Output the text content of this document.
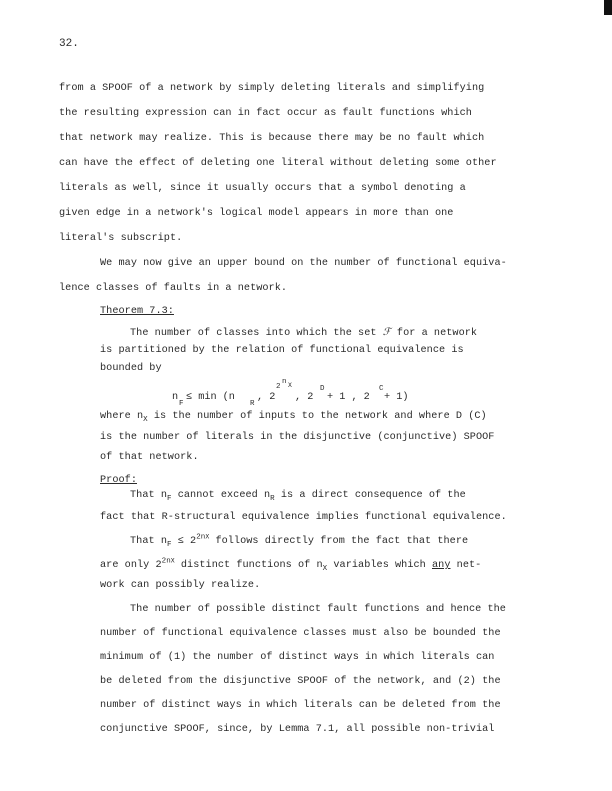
32.
from a SPOOF of a network by simply deleting literals and simplifying
the resulting expression can in fact occur as fault functions which
that network may realize. This is because there may be no fault which
can have the effect of deleting one literal without deleting some other
literals as well, since it usually occurs that a symbol denoting a
given edge in a network's logical model appears in more than one
literal's subscript.
We may now give an upper bound on the number of functional equiva-
lence classes of faults in a network.
Theorem 7.3:
The number of classes into which the set ℱ for a network
is partitioned by the relation of functional equivalence is
bounded by
n
F
≤ min (n
R
, 2
2
n X
, 2
D
+ 1 , 2
C
+ 1)
where $n_X$ is the number of inputs to the network and where D (C)
is the number of literals in the disjunctive (conjunctive) SPOOF
of that network.
Proof:
That $n_F$ cannot exceed $n_R$ is a direct consequence of the
fact that R-structural equivalence implies functional equivalence.
That $n_F \le 2^{2nX}$ follows directly from the fact that there
are only $2^{2nX}$ distinct functions of $n_X$ variables which any net-
work can possibly realize.
The number of possible distinct fault functions and hence the
number of functional equivalence classes must also be bounded the
minimum of (1) the number of distinct ways in which literals can
be deleted from the disjunctive SPOOF of the network, and (2) the
number of distinct ways in which literals can be deleted from the
conjunctive SPOOF, since, by Lemma 7.1, all possible non-trivial
